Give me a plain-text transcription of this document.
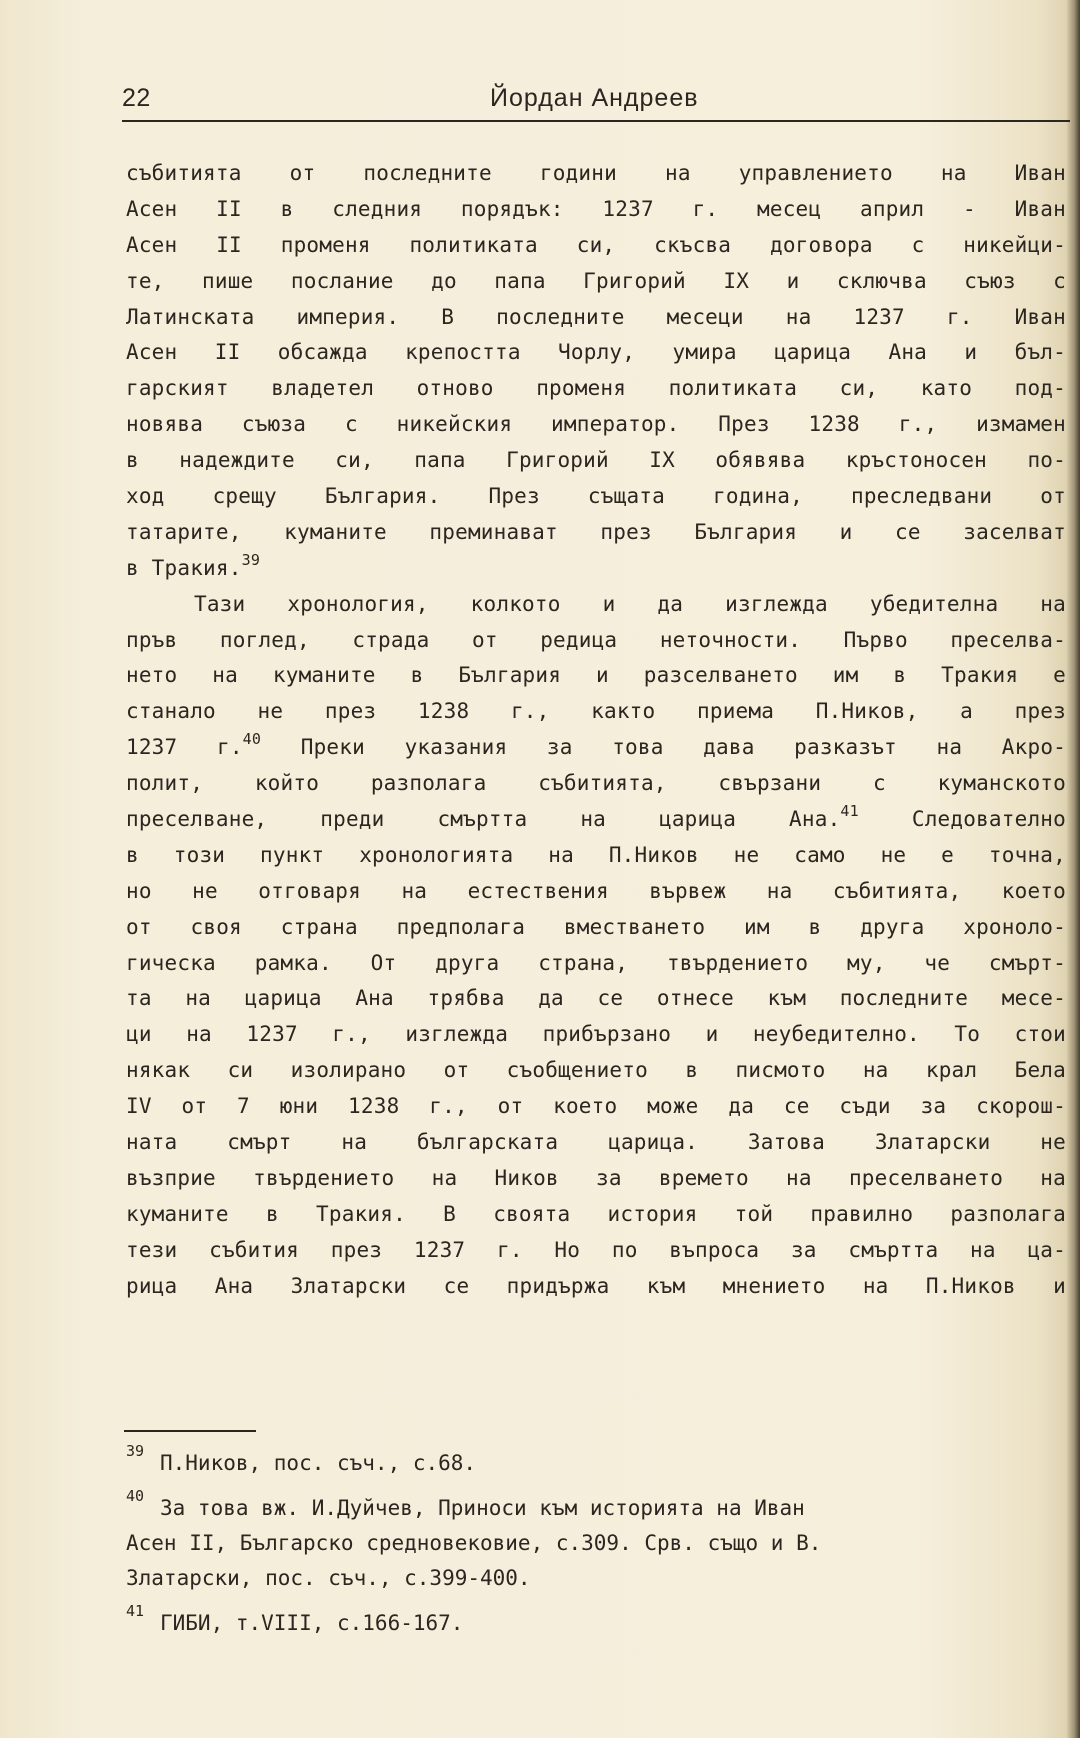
22	Йордан Андреев
събитията от последните години на управлението на Иван
Асен II в следния порядък: 1237 г. месец април - Иван
Асен II променя политиката си, скъсва договора с никейци-
те, пише послание до папа Григорий IX и сключва съюз с
Латинската империя. В последните месеци на 1237 г. Иван
Асен II обсажда крепостта Чорлу, умира царица Ана и бъл-
гарският владетел отново променя политиката си, като под-
новява съюза с никейския император. През 1238 г., измамен
в надеждите си, папа Григорий IX обявява кръстоносен по-
ход срещу България. През същата година, преследвани от
татарите, куманите преминават през България и се заселват
в Тракия.$^{39}$
Тази хронология, колкото и да изглежда убедителна на
пръв поглед, страда от редица неточности. Първо преселва-
нето на куманите в България и разселването им в Тракия е
станало не през 1238 г., както приема П.Ников, а през
1237 г.$^{40}$ Преки указания за това дава разказът на Акро-
полит, който разполага събитията, свързани с куманското
преселване, преди смъртта на царица Ана.$^{41}$ Следователно
в този пункт хронологията на П.Ников не само не е точна,
но не отговаря на естествения вървеж на събитията, което
от своя страна предполага вместването им в друга хроноло-
гическа рамка. От друга страна, твърдението му, че смърт-
та на царица Ана трябва да се отнесе към последните месе-
ци на 1237 г., изглежда прибързано и неубедително. То стои
някак си изолирано от съобщението в писмото на крал Бела
IV от 7 юни 1238 г., от което може да се съди за скорош-
ната смърт на българската царица. Затова Златарски не
възприе твърдението на Ников за времето на преселването на
куманите в Тракия. В своята история той правилно разполага
тези събития през 1237 г. Но по въпроса за смъртта на ца-
рица Ана Златарски се придържа към мнението на П.Ников и
39 П.Ников, пос. съч., с.68.
40 За това вж. И.Дуйчев, Приноси към историята на Иван
Асен II, Българско средновековие, с.309. Срв. също и В.
Златарски, пос. съч., с.399-400.
41 ГИБИ, т.VIII, с.166-167.
